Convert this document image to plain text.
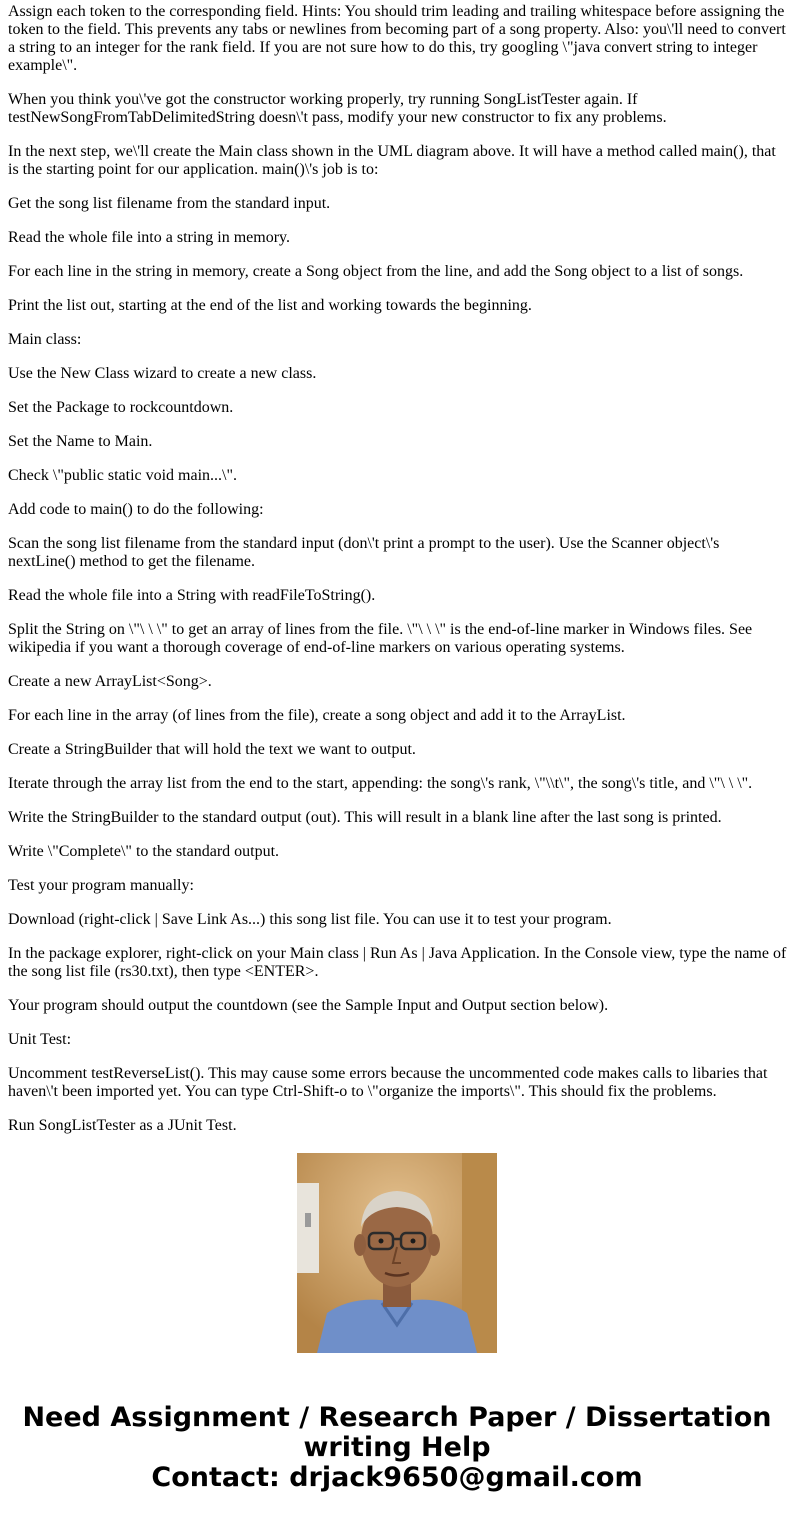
Assign each token to the corresponding field. Hints: You should trim leading and trailing whitespace before assigning the token to the field. This prevents any tabs or newlines from becoming part of a song property. Also: you\'ll need to convert a string to an integer for the rank field. If you are not sure how to do this, try googling \"java convert string to integer example\".

When you think you\'ve got the constructor working properly, try running SongListTester again. If testNewSongFromTabDelimitedString doesn\'t pass, modify your new constructor to fix any problems.

In the next step, we\'ll create the Main class shown in the UML diagram above. It will have a method called main(), that is the starting point for our application. main()\'s job is to:

Get the song list filename from the standard input.

Read the whole file into a string in memory.

For each line in the string in memory, create a Song object from the line, and add the Song object to a list of songs.

Print the list out, starting at the end of the list and working towards the beginning.

Main class:

Use the New Class wizard to create a new class.

Set the Package to rockcountdown.

Set the Name to Main.

Check \"public static void main...\".

Add code to main() to do the following:

Scan the song list filename from the standard input (don\'t print a prompt to the user). Use the Scanner object\'s nextLine() method to get the filename.

Read the whole file into a String with readFileToString().

Split the String on \"\ \ \" to get an array of lines from the file. \"\ \ \" is the end-of-line marker in Windows files. See wikipedia if you want a thorough coverage of end-of-line markers on various operating systems.

Create a new ArrayList<Song>.

For each line in the array (of lines from the file), create a song object and add it to the ArrayList.

Create a StringBuilder that will hold the text we want to output.

Iterate through the array list from the end to the start, appending: the song\'s rank, \"\\t\", the song\'s title, and \"\ \ \".

Write the StringBuilder to the standard output (out). This will result in a blank line after the last song is printed.

Write \"Complete\" to the standard output.

Test your program manually:

Download (right-click | Save Link As...) this song list file. You can use it to test your program.

In the package explorer, right-click on your Main class | Run As | Java Application. In the Console view, type the name of the song list file (rs30.txt), then type <ENTER>.

Your program should output the countdown (see the Sample Input and Output section below).

Unit Test:

Uncomment testReverseList(). This may cause some errors because the uncommented code makes calls to libaries that haven\'t been imported yet. You can type Ctrl-Shift-o to \"organize the imports\". This should fix the problems.

Run SongListTester as a JUnit Test.

Need Assignment / Research Paper / Dissertation
writing Help
Contact: drjack9650@gmail.com
